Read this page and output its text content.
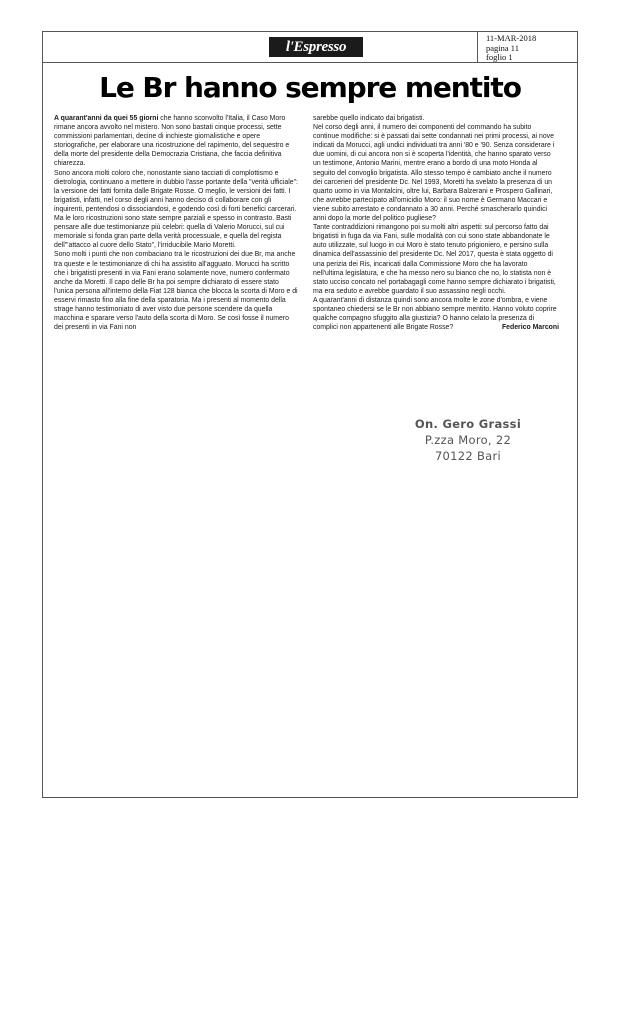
l'Espresso
11-MAR-2018
pagina 11
foglio 1
Le Br hanno sempre mentito

A quarant'anni da quei 55 giorni che hanno sconvolto l'Italia, il Caso Moro rimane ancora avvolto nel mistero. Non sono bastati cinque processi, sette commissioni parlamentari, decine di inchieste giornalistiche e opere storiografiche, per elaborare una ricostruzione del rapimento, del sequestro e della morte del presidente della Democrazia Cristiana, che faccia definitiva chiarezza.

Sono ancora molti coloro che, nonostante siano tacciati di complottismo e dietrologia, continuano a mettere in dubbio l'asse portante della "verità ufficiale": la versione dei fatti fornita dalle Brigate Rosse. O meglio, le versioni dei fatti. I brigatisti, infatti, nel corso degli anni hanno deciso di collaborare con gli inquirenti, pentendosi o dissociandosi, e godendo così di forti benefici carcerari. Ma le loro ricostruzioni sono state sempre parziali e spesso in contrasto. Basti pensare alle due testimonianze più celebri: quella di Valerio Morucci, sul cui memoriale si fonda gran parte della verità processuale, e quella del regista dell'"attacco al cuore dello Stato", l'irriducibile Mario Moretti.

Sono molti i punti che non combaciano tra le ricostruzioni dei due Br, ma anche tra queste e le testimonianze di chi ha assistito all'agguato. Morucci ha scritto che i brigatisti presenti in via Fani erano solamente nove, numero confermato anche da Moretti. Il capo delle Br ha poi sempre dichiarato di essere stato l'unica persona all'interno della Fiat 128 bianca che blocca la scorta di Moro e di esservi rimasto fino alla fine della sparatoria. Ma i presenti al momento della strage hanno testimoniato di aver visto due persone scendere da quella macchina e sparare verso l'auto della scorta di Moro. Se così fosse il numero dei presenti in via Fani non

sarebbe quello indicato dai brigatisti.

Nel corso degli anni, il numero dei componenti del commando ha subito continue modifiche: si è passati dai sette condannati nei primi processi, ai nove indicati da Morucci, agli undici individuati tra anni '80 e '90. Senza considerare i due uomini, di cui ancora non si è scoperta l'identità, che hanno sparato verso un testimone, Antonio Marini, mentre erano a bordo di una moto Honda al seguito del convoglio brigatista. Allo stesso tempo è cambiato anche il numero dei carcerieri del presidente Dc. Nel 1993, Moretti ha svelato la presenza di un quarto uomo in via Montalcini, oltre lui, Barbara Balzerani e Prospero Gallinari, che avrebbe partecipato all'omicidio Moro: il suo nome è Germano Maccari e viene subito arrestato e condannato a 30 anni. Perché smascherarlo quindici anni dopo la morte del politico pugliese?

Tante contraddizioni rimangono poi su molti altri aspetti: sul percorso fatto dai brigatisti in fuga da via Fani, sulle modalità con cui sono state abbandonate le auto utilizzate, sul luogo in cui Moro è stato tenuto prigioniero, e persino sulla dinamica dell'assassinio del presidente Dc. Nel 2017, questa è stata oggetto di una perizia dei Ris, incaricati dalla Commissione Moro che ha lavorato nell'ultima legislatura, e che ha messo nero su bianco che no, lo statista non è stato ucciso concato nel portabagagli come hanno sempre dichiarato i brigatisti, ma era seduto e avrebbe guardato il suo assassino negli occhi.

A quarant'anni di distanza quindi sono ancora molte le zone d'ombra, e viene spontaneo chiedersi se le Br non abbiano sempre mentito. Hanno voluto coprire qualche compagno sfuggito alla giustizia? O hanno celato la presenza di complici non appartenenti alle Brigate Rosse?	Federico Marconi
On. Gero Grassi
P.zza Moro, 22
70122 Bari
